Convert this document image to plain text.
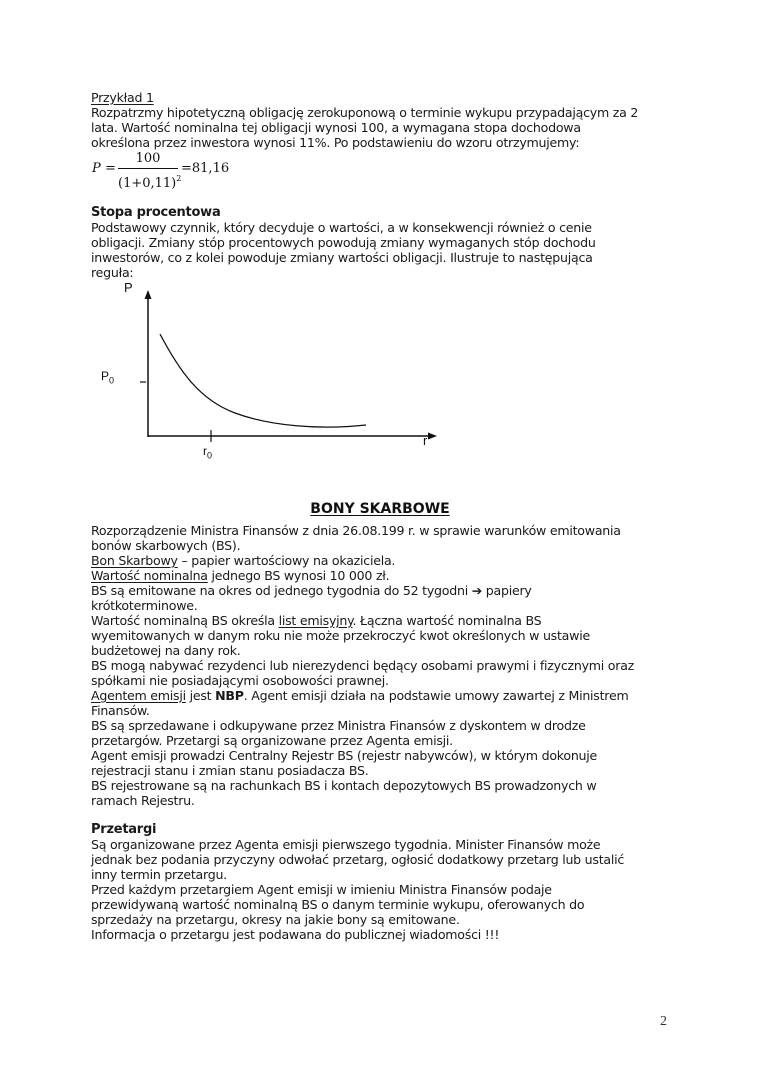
Przykład 1
Rozpatrzmy hipotetyczną obligację zerokuponową o terminie wykupu przypadającym za 2
lata. Wartość nominalna tej obligacji wynosi 100, a wymagana stopa dochodowa
określona przez inwestora wynosi 11%. Po podstawieniu do wzoru otrzymujemy:
P =
100
$(1+0,11)^2$
=81,16
Stopa procentowa
Podstawowy czynnik, który decyduje o wartości, a w konsekwencji również o cenie
obligacji. Zmiany stóp procentowych powodują zmiany wymaganych stóp dochodu
inwestorów, co z kolei powoduje zmiany wartości obligacji. Ilustruje to następująca
reguła:
P
$P_0$
$r_0$
r
BONY SKARBOWE
Rozporządzenie Ministra Finansów z dnia 26.08.199 r. w sprawie warunków emitowania
bonów skarbowych (BS).
Bon Skarbowy – papier wartościowy na okaziciela.
Wartość nominalna jednego BS wynosi 10 000 zł.
BS są emitowane na okres od jednego tygodnia do 52 tygodni ➔ papiery
krótkoterminowe.
Wartość nominalną BS określa list emisyjny. Łączna wartość nominalna BS
wyemitowanych w danym roku nie może przekroczyć kwot określonych w ustawie
budżetowej na dany rok.
BS mogą nabywać rezydenci lub nierezydenci będący osobami prawymi i fizycznymi oraz
spółkami nie posiadającymi osobowości prawnej.
Agentem emisji jest NBP. Agent emisji działa na podstawie umowy zawartej z Ministrem
Finansów.
BS są sprzedawane i odkupywane przez Ministra Finansów z dyskontem w drodze
przetargów. Przetargi są organizowane przez Agenta emisji.
Agent emisji prowadzi Centralny Rejestr BS (rejestr nabywców), w którym dokonuje
rejestracji stanu i zmian stanu posiadacza BS.
BS rejestrowane są na rachunkach BS i kontach depozytowych BS prowadzonych w
ramach Rejestru.
Przetargi
Są organizowane przez Agenta emisji pierwszego tygodnia. Minister Finansów może
jednak bez podania przyczyny odwołać przetarg, ogłosić dodatkowy przetarg lub ustalić
inny termin przetargu.
Przed każdym przetargiem Agent emisji w imieniu Ministra Finansów podaje
przewidywaną wartość nominalną BS o danym terminie wykupu, oferowanych do
sprzedaży na przetargu, okresy na jakie bony są emitowane.
Informacja o przetargu jest podawana do publicznej wiadomości !!!
2
